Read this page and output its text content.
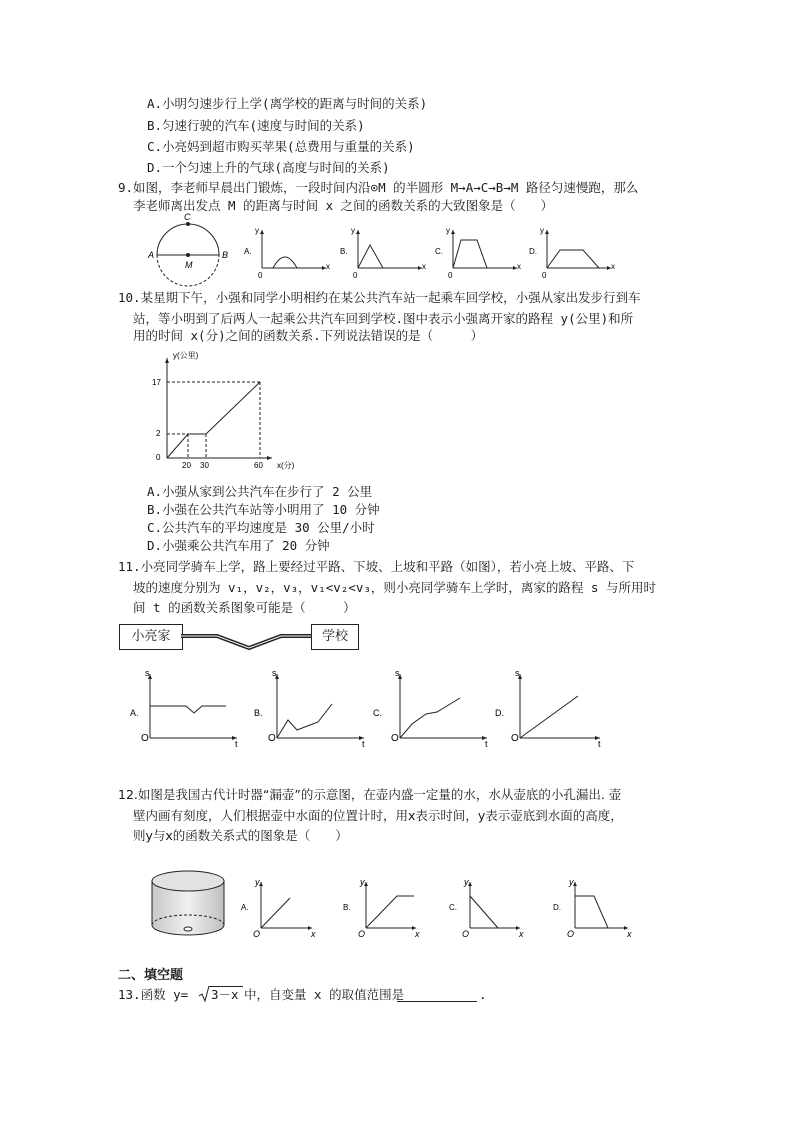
A.小明匀速步行上学(离学校的距离与时间的关系)
B.匀速行驶的汽车(速度与时间的关系)
C.小亮妈到超市购买苹果(总费用与重量的关系)
D.一个匀速上升的气球(高度与时间的关系)
9.如图，李老师早晨出门锻炼，一段时间内沿⊙M 的半圆形 M→A→C→B→M 路径匀速慢跑，那么
李老师离出发点 M 的距离与时间 x 之间的函数关系的大致图象是（　　）
C
A	B
M
y
x
0
A.
y
x
0
B.
y
x
0
C.
y
x
0
D.
10.某星期下午，小强和同学小明相约在某公共汽车站一起乘车回学校，小强从家出发步行到车
站，等小明到了后两人一起乘公共汽车回到学校.图中表示小强离开家的路程 y(公里)和所
用的时间 x(分)之间的函数关系.下列说法错误的是（　　　）
y(公里)
x(分)
0
2
17
20 30	60
A.小强从家到公共汽车在步行了 2 公里
B.小强在公共汽车站等小明用了 10 分钟
C.公共汽车的平均速度是 30 公里/小时
D.小强乘公共汽车用了 20 分钟
11.小亮同学骑车上学，路上要经过平路、下坡、上坡和平路（如图），若小亮上坡、平路、下
坡的速度分别为 v₁，v₂，v₃，v₁<v₂<v₃，则小亮同学骑车上学时，离家的路程 s 与所用时
间 t 的函数关系图象可能是（　　　）
小亮家	学校
s
t
O
A.
s
t
O
B.
s
t
O
C.
s
t
O
D.
12.如图是我国古代计时器“漏壶”的示意图，在壶内盛一定量的水，水从壶底的小孔漏出. 壶
壁内画有刻度，人们根据壶中水面的位置计时，用x表示时间，y表示壶底到水面的高度，
则y与x的函数关系式的图象是（　　）
y
x
O
A.
y
x
O
B.
y
x
O
C.
y
x
O
D.
二、填空题
13.函数 y= 3－x 中，自变量 x 的取值范围是	.
